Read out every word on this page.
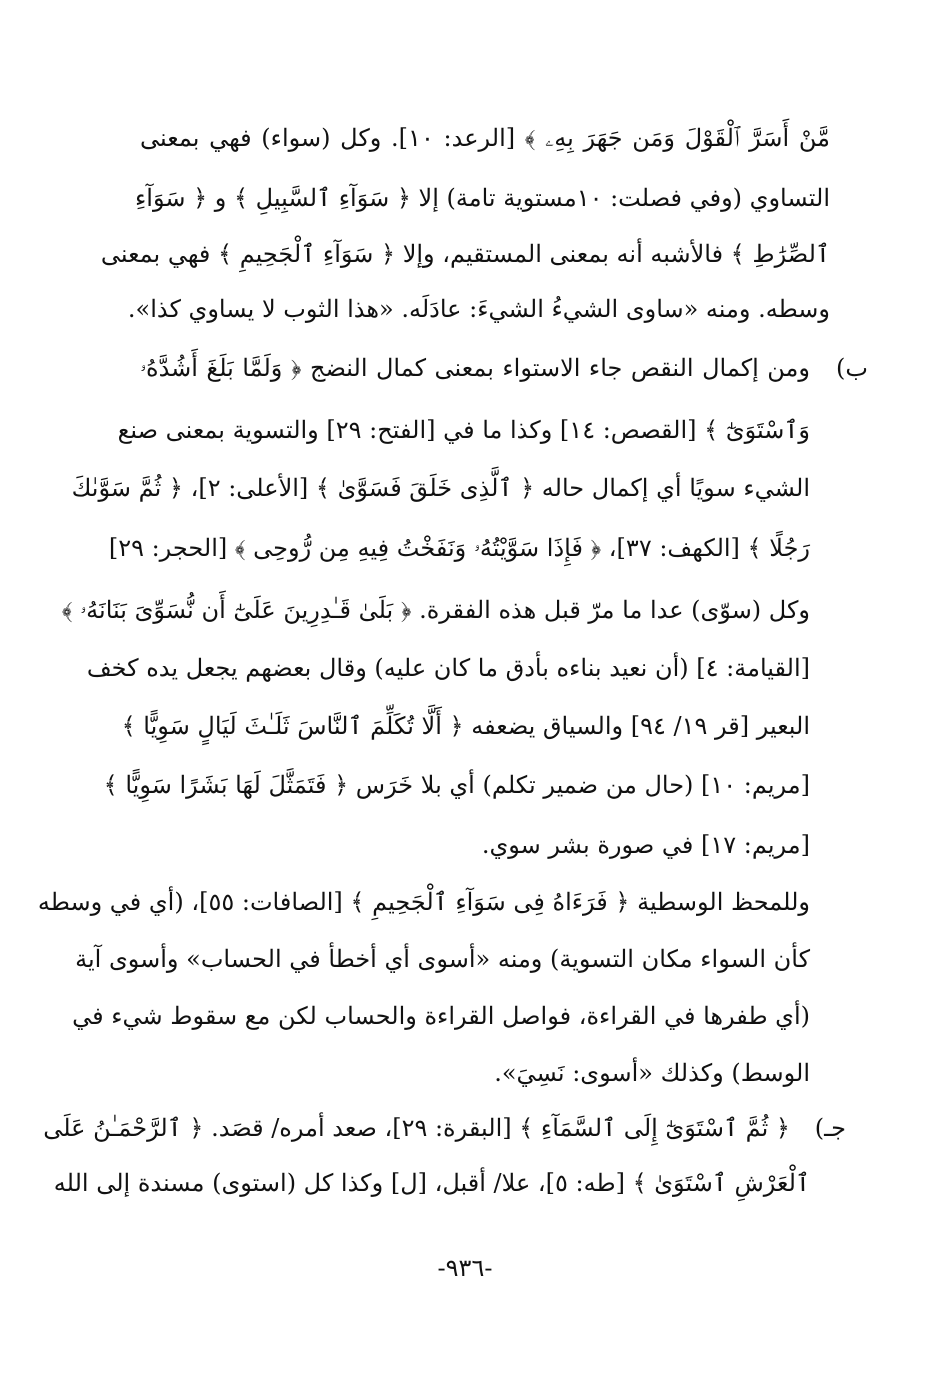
مَّنْ أَسَرَّ ٱلْقَوْلَ وَمَن جَهَرَ بِهِۦ ﴾ [الرعد: ١٠]. وكل (سواء) فهي بمعنى
التساوي (وفي فصلت: ١٠مستوية تامة) إلا ﴿ سَوَآءِ ٱلسَّبِيلِ ﴾ و ﴿ سَوَآءِ
ٱلصِّرَٰطِ ﴾ فالأشبه أنه بمعنى المستقيم، وإلا ﴿ سَوَآءِ ٱلْجَحِيمِ ﴾ فهي بمعنى
وسطه. ومنه «ساوى الشيءُ الشيءَ: عادَلَه. «هذا الثوب لا يساوي كذا».
ب)
ومن إكمال النقص جاء الاستواء بمعنى كمال النضج ﴿ وَلَمَّا بَلَغَ أَشُدَّهُۥ
وَٱسْتَوَىٰٓ ﴾ [القصص: ١٤] وكذا ما في [الفتح: ٢٩] والتسوية بمعنى صنع
الشيء سويًا أي إكمال حاله ﴿ ٱلَّذِى خَلَقَ فَسَوَّىٰ ﴾ [الأعلى: ٢]، ﴿ ثُمَّ سَوَّىٰكَ
رَجُلًا ﴾ [الكهف: ٣٧]، ﴿ فَإِذَا سَوَّيْتُهُۥ وَنَفَخْتُ فِيهِ مِن رُّوحِى ﴾ [الحجر: ٢٩]
وكل (سوّى) عدا ما مرّ قبل هذه الفقرة. ﴿ بَلَىٰ قَـٰدِرِينَ عَلَىٰٓ أَن نُّسَوِّىَ بَنَانَهُۥ ﴾
[القيامة: ٤] (أن نعيد بناءه بأدق ما كان عليه) وقال بعضهم يجعل يده كخف
البعير [قر ١٩/ ٩٤] والسياق يضعفه ﴿ أَلَّا تُكَلِّمَ ٱلنَّاسَ ثَلَـٰثَ لَيَالٍ سَوِيًّا ﴾
[مريم: ١٠] (حال من ضمير تكلم) أي بلا خَرَس ﴿ فَتَمَثَّلَ لَهَا بَشَرًا سَوِيًّا ﴾
[مريم: ١٧] في صورة بشر سوي.
وللمحظ الوسطية ﴿ فَرَءَاهُ فِى سَوَآءِ ٱلْجَحِيمِ ﴾ [الصافات: ٥٥]، (أي في وسطه
كأن السواء مكان التسوية) ومنه «أسوى أي أخطأ في الحساب» وأسوى آية
(أي طفرها في القراءة، فواصل القراءة والحساب لكن مع سقوط شيء في
الوسط) وكذلك «أسوى: نَسِيَ».
جـ)
﴿ ثُمَّ ٱسْتَوَىٰٓ إِلَى ٱلسَّمَآءِ ﴾ [البقرة: ٢٩]، صعد أمره/ قصَد. ﴿ ٱلرَّحْمَـٰنُ عَلَى
ٱلْعَرْشِ ٱسْتَوَىٰ ﴾ [طه: ٥]، علا/ أقبل، [ل] وكذا كل (استوى) مسندة إلى الله
-٩٣٦-
